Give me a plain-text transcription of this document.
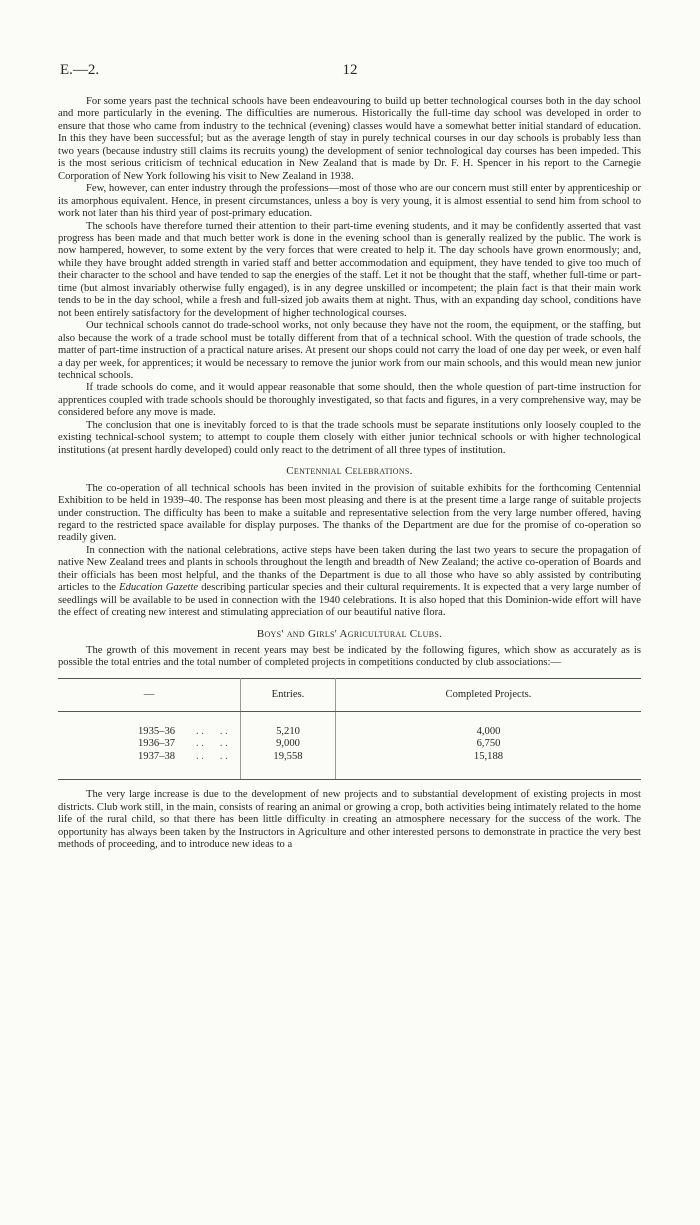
E.—2.	12

For some years past the technical schools have been endeavouring to build up better technological courses both in the day school and more particularly in the evening. The difficulties are numerous. Historically the full-time day school was developed in order to ensure that those who came from industry to the technical (evening) classes would have a somewhat better initial standard of education. In this they have been successful; but as the average length of stay in purely technical courses in our day schools is probably less than two years (because industry still claims its recruits young) the development of senior technological day courses has been impeded. This is the most serious criticism of technical education in New Zealand that is made by Dr. F. H. Spencer in his report to the Carnegie Corporation of New York following his visit to New Zealand in 1938.

Few, however, can enter industry through the professions—most of those who are our concern must still enter by apprenticeship or its amorphous equivalent. Hence, in present circumstances, unless a boy is very young, it is almost essential to send him from school to work not later than his third year of post-primary education.

The schools have therefore turned their attention to their part-time evening students, and it may be confidently asserted that vast progress has been made and that much better work is done in the evening school than is generally realized by the public. The work is now hampered, however, to some extent by the very forces that were created to help it. The day schools have grown enormously; and, while they have brought added strength in varied staff and better accommodation and equipment, they have tended to give too much of their character to the school and have tended to sap the energies of the staff. Let it not be thought that the staff, whether full-time or part-time (but almost invariably otherwise fully engaged), is in any degree unskilled or incompetent; the plain fact is that their main work tends to be in the day school, while a fresh and full-sized job awaits them at night. Thus, with an expanding day school, conditions have not been entirely satisfactory for the development of higher technological courses.

Our technical schools cannot do trade-school works, not only because they have not the room, the equipment, or the staffing, but also because the work of a trade school must be totally different from that of a technical school. With the question of trade schools, the matter of part-time instruction of a practical nature arises. At present our shops could not carry the load of one day per week, or even half a day per week, for apprentices; it would be necessary to remove the junior work from our main schools, and this would mean new junior technical schools.

If trade schools do come, and it would appear reasonable that some should, then the whole question of part-time instruction for apprentices coupled with trade schools should be thoroughly investigated, so that facts and figures, in a very comprehensive way, may be considered before any move is made.

The conclusion that one is inevitably forced to is that the trade schools must be separate institutions only loosely coupled to the existing technical-school system; to attempt to couple them closely with either junior technical schools or with higher technological institutions (at present hardly developed) could only react to the detriment of all three types of institution.

Centennial Celebrations.

The co-operation of all technical schools has been invited in the provision of suitable exhibits for the forthcoming Centennial Exhibition to be held in 1939–40. The response has been most pleasing and there is at the present time a large range of suitable projects under construction. The difficulty has been to make a suitable and representative selection from the very large number offered, having regard to the restricted space available for display purposes. The thanks of the Department are due for the promise of co-operation so readily given.

In connection with the national celebrations, active steps have been taken during the last two years to secure the propagation of native New Zealand trees and plants in schools throughout the length and breadth of New Zealand; the active co-operation of Boards and their officials has been most helpful, and the thanks of the Department is due to all those who have so ably assisted by contributing articles to the Education Gazette describing particular species and their cultural requirements. It is expected that a very large number of seedlings will be available to be used in connection with the 1940 celebrations. It is also hoped that this Dominion-wide effort will have the effect of creating new interest and stimulating appreciation of our beautiful native flora.

Boys' and Girls' Agricultural Clubs.

The growth of this movement in recent years may best be indicated by the following figures, which show as accurately as is possible the total entries and the total number of completed projects in competitions conducted by club associations:—

—	Entries.	Completed Projects.

1935–36 . .      . .	5,210	4,000
1936–37 . .      . .	9,000	6,750
1937–38 . .      . .	19,558	15,188

The very large increase is due to the development of new projects and to substantial development of existing projects in most districts. Club work still, in the main, consists of rearing an animal or growing a crop, both activities being intimately related to the home life of the rural child, so that there has been little difficulty in creating an atmosphere necessary for the success of the work. The opportunity has always been taken by the Instructors in Agriculture and other interested persons to demonstrate in practice the very best methods of proceeding, and to introduce new ideas to a
